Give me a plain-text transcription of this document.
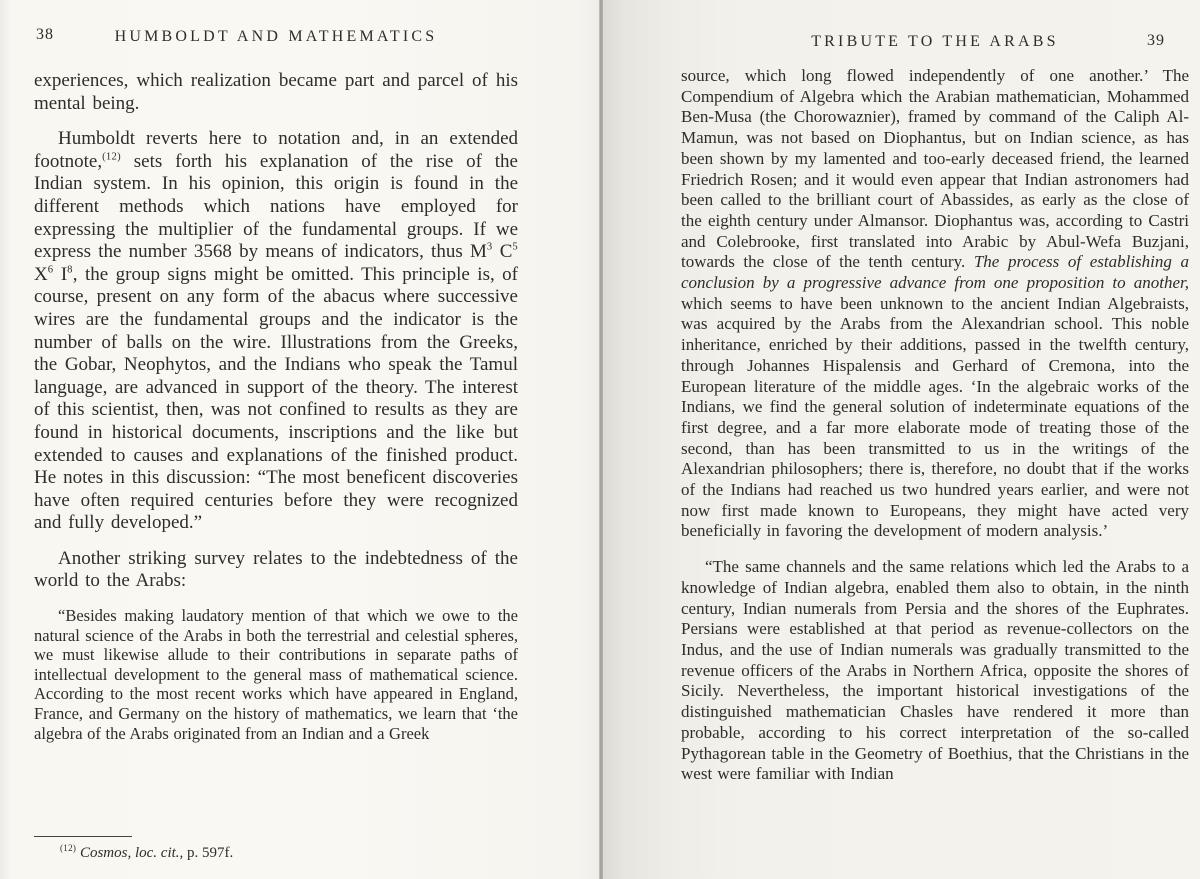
38	HUMBOLDT AND MATHEMATICS

experiences, which realization became part and parcel of his mental being.

Humboldt reverts here to notation and, in an extended footnote,$^{(12)}$ sets forth his explanation of the rise of the Indian system. In his opinion, this origin is found in the different methods which nations have employed for expressing the multiplier of the fundamental groups. If we express the number 3568 by means of indicators, thus $M^3$ $C^5$ $X^6$ $I^8$, the group signs might be omitted. This principle is, of course, present on any form of the abacus where successive wires are the fundamental groups and the indicator is the number of balls on the wire. Illustrations from the Greeks, the Gobar, Neophytos, and the Indians who speak the Tamul language, are advanced in support of the theory. The interest of this scientist, then, was not confined to results as they are found in historical documents, inscriptions and the like but extended to causes and explanations of the finished product. He notes in this discussion: “The most beneficent discoveries have often required centuries before they were recognized and fully developed.”

Another striking survey relates to the indebtedness of the world to the Arabs:

“Besides making laudatory mention of that which we owe to the natural science of the Arabs in both the terrestrial and celestial spheres, we must likewise allude to their contributions in separate paths of intellectual development to the general mass of mathematical science. According to the most recent works which have appeared in England, France, and Germany on the history of mathematics, we learn that ‘the algebra of the Arabs originated from an Indian and a Greek

$^{(12)}$ Cosmos, loc. cit., p. 597f.

TRIBUTE TO THE ARABS	39

source, which long flowed independently of one another.’ The Compendium of Algebra which the Arabian mathematician, Mohammed Ben-Musa (the Chorowaznier), framed by command of the Caliph Al-Mamun, was not based on Diophantus, but on Indian science, as has been shown by my lamented and too-early deceased friend, the learned Friedrich Rosen; and it would even appear that Indian astronomers had been called to the brilliant court of Abassides, as early as the close of the eighth century under Almansor. Diophantus was, according to Castri and Colebrooke, first translated into Arabic by Abul-Wefa Buzjani, towards the close of the tenth century. The process of establishing a conclusion by a progressive advance from one proposition to another, which seems to have been unknown to the ancient Indian Algebraists, was acquired by the Arabs from the Alexandrian school. This noble inheritance, enriched by their additions, passed in the twelfth century, through Johannes Hispalensis and Gerhard of Cremona, into the European literature of the middle ages. ‘In the algebraic works of the Indians, we find the general solution of indeterminate equations of the first degree, and a far more elaborate mode of treating those of the second, than has been transmitted to us in the writings of the Alexandrian philosophers; there is, therefore, no doubt that if the works of the Indians had reached us two hundred years earlier, and were not now first made known to Europeans, they might have acted very beneficially in favoring the development of modern analysis.’

“The same channels and the same relations which led the Arabs to a knowledge of Indian algebra, enabled them also to obtain, in the ninth century, Indian numerals from Persia and the shores of the Euphrates. Persians were established at that period as revenue-collectors on the Indus, and the use of Indian numerals was gradually transmitted to the revenue officers of the Arabs in Northern Africa, opposite the shores of Sicily. Nevertheless, the important historical investigations of the distinguished mathematician Chasles have rendered it more than probable, according to his correct interpretation of the so-called Pythagorean table in the Geometry of Boethius, that the Christians in the west were familiar with Indian
